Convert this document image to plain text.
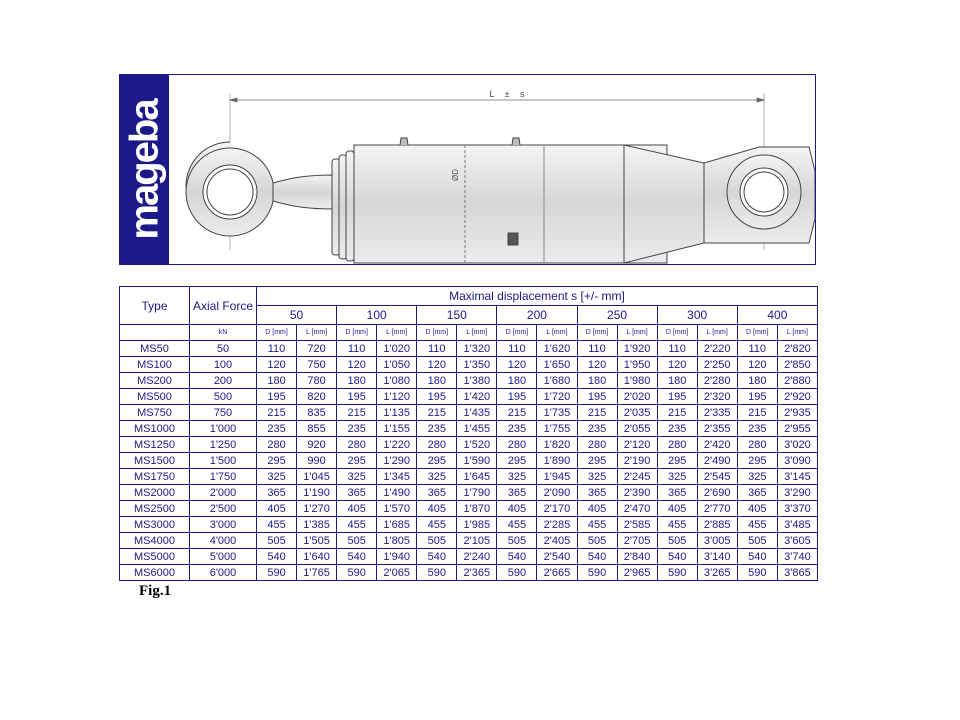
mageba
L ± s
ØD
Type	Axial Force	Maximal displacement s [+/- mm]													
		50		100		150		200		250		300		400	
	kN	D [mm]	L [mm]	D [mm]	L [mm]	D [mm]	L [mm]	D [mm]	L [mm]	D [mm]	L [mm]	D [mm]	L [mm]	D [mm]	L [mm]
MS50	50	110	720	110	1'020	110	1'320	110	1'620	110	1'920	110	2'220	110	2'820
MS100	100	120	750	120	1'050	120	1'350	120	1'650	120	1'950	120	2'250	120	2'850
MS200	200	180	780	180	1'080	180	1'380	180	1'680	180	1'980	180	2'280	180	2'880
MS500	500	195	820	195	1'120	195	1'420	195	1'720	195	2'020	195	2'320	195	2'920
MS750	750	215	835	215	1'135	215	1'435	215	1'735	215	2'035	215	2'335	215	2'935
MS1000	1'000	235	855	235	1'155	235	1'455	235	1'755	235	2'055	235	2'355	235	2'955
MS1250	1'250	280	920	280	1'220	280	1'520	280	1'820	280	2'120	280	2'420	280	3'020
MS1500	1'500	295	990	295	1'290	295	1'590	295	1'890	295	2'190	295	2'490	295	3'090
MS1750	1'750	325	1'045	325	1'345	325	1'645	325	1'945	325	2'245	325	2'545	325	3'145
MS2000	2'000	365	1'190	365	1'490	365	1'790	365	2'090	365	2'390	365	2'690	365	3'290
MS2500	2'500	405	1'270	405	1'570	405	1'870	405	2'170	405	2'470	405	2'770	405	3'370
MS3000	3'000	455	1'385	455	1'685	455	1'985	455	2'285	455	2'585	455	2'885	455	3'485
MS4000	4'000	505	1'505	505	1'805	505	2'105	505	2'405	505	2'705	505	3'005	505	3'605
MS5000	5'000	540	1'640	540	1'940	540	2'240	540	2'540	540	2'840	540	3'140	540	3'740
MS6000	6'000	590	1'765	590	2'065	590	2'365	590	2'665	590	2'965	590	3'265	590	3'865
Fig.1
